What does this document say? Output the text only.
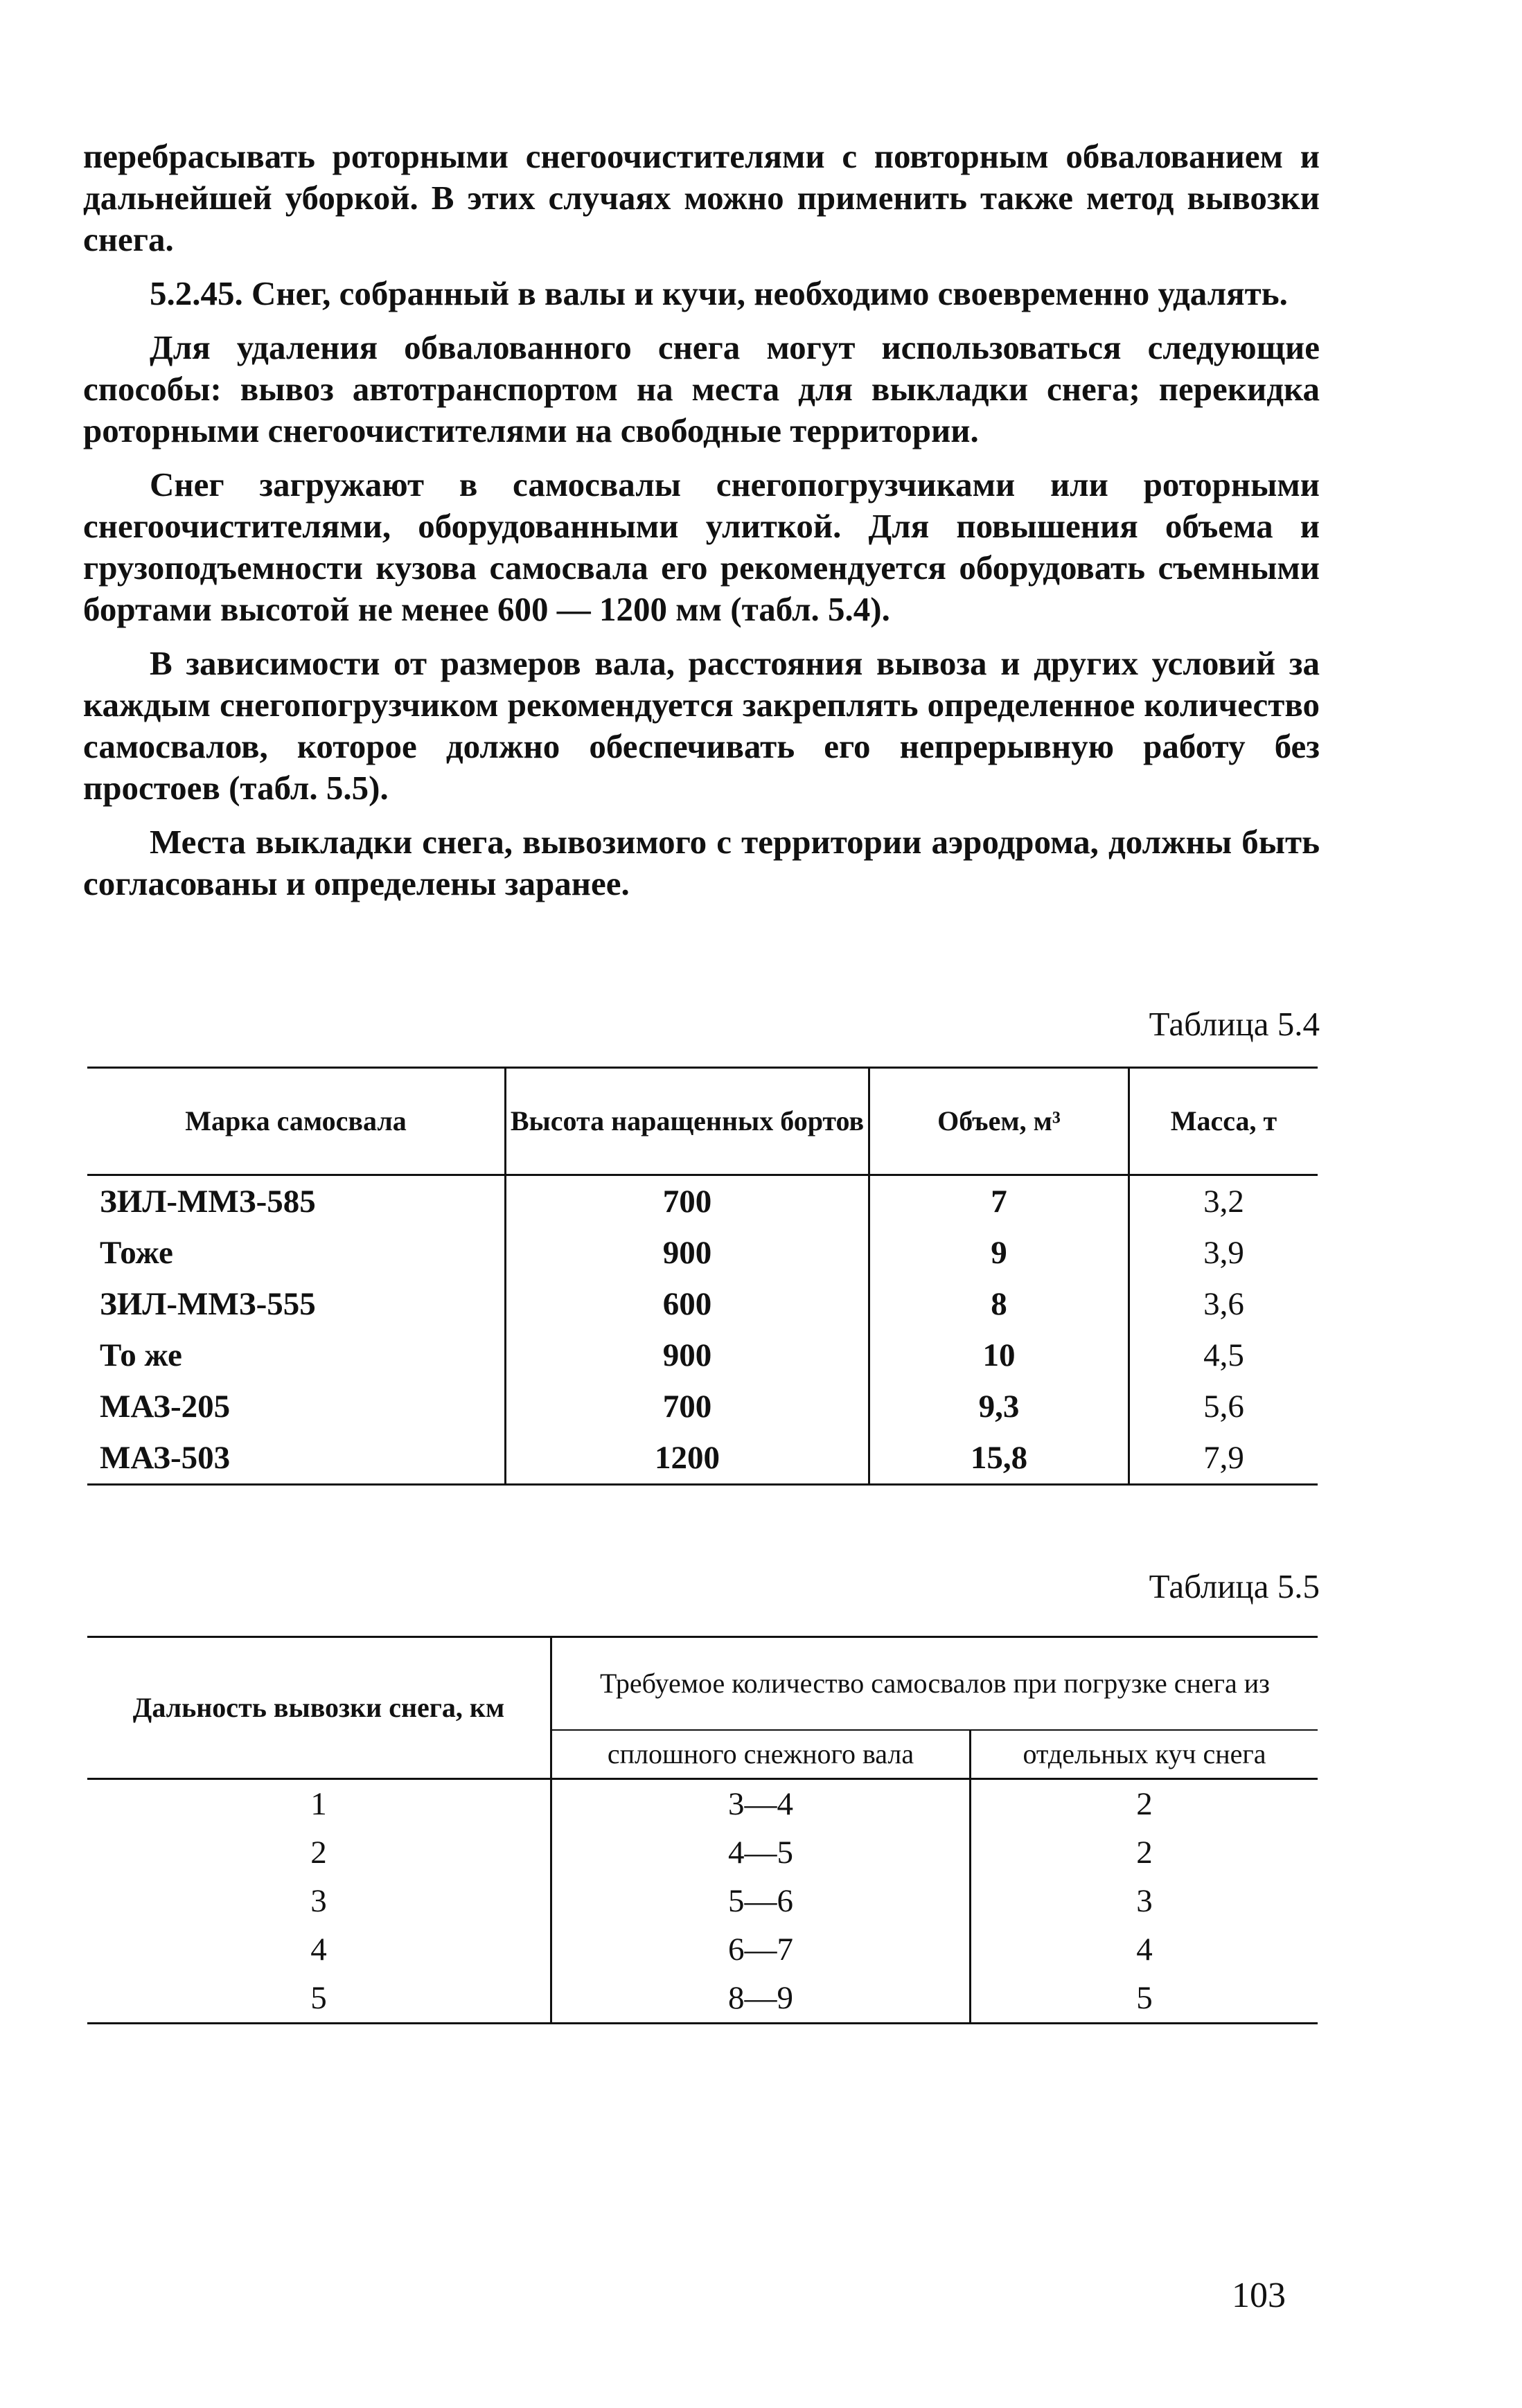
перебрасывать роторными снегоочистителями с повторным обвалованием и дальнейшей уборкой. В этих случаях можно применить также метод вывозки снега.

5.2.45. Снег, собранный в валы и кучи, необходимо своевременно удалять.

Для удаления обвалованного снега могут использоваться следующие способы: вывоз автотранспортом на места для выкладки снега; перекидка роторными снегоочистителями на свободные территории.

Снег загружают в самосвалы снегопогрузчиками или роторными снегоочистителями, оборудованными улиткой. Для повышения объема и грузоподъемности кузова самосвала его рекомендуется оборудовать съемными бортами высотой не менее 600 — 1200 мм (табл. 5.4).

В зависимости от размеров вала, расстояния вывоза и других условий за каждым снегопогрузчиком рекомендуется закреплять определенное количество самосвалов, которое должно обеспечивать его непрерывную работу без простоев (табл. 5.5).

Места выкладки снега, вывозимого с территории аэродрома, должны быть согласованы и определены заранее.

Таблица 5.4
Марка самосвала	Высота наращенных бортов	Объем, м³	Масса, т
ЗИЛ-ММЗ-585	700	7	3,2
Тоже	900	9	3,9
ЗИЛ-ММЗ-555	600	8	3,6
То же	900	10	4,5
МАЗ-205	700	9,3	5,6
МАЗ-503	1200	15,8	7,9
Таблица 5.5
Дальность вывозки снега, км	Требуемое количество самосвалов при погрузке снега из	
	сплошного снежного вала	отдельных куч снега
1	3—4	2
2	4—5	2
3	5—6	3
4	6—7	4
5	8—9	5
103
